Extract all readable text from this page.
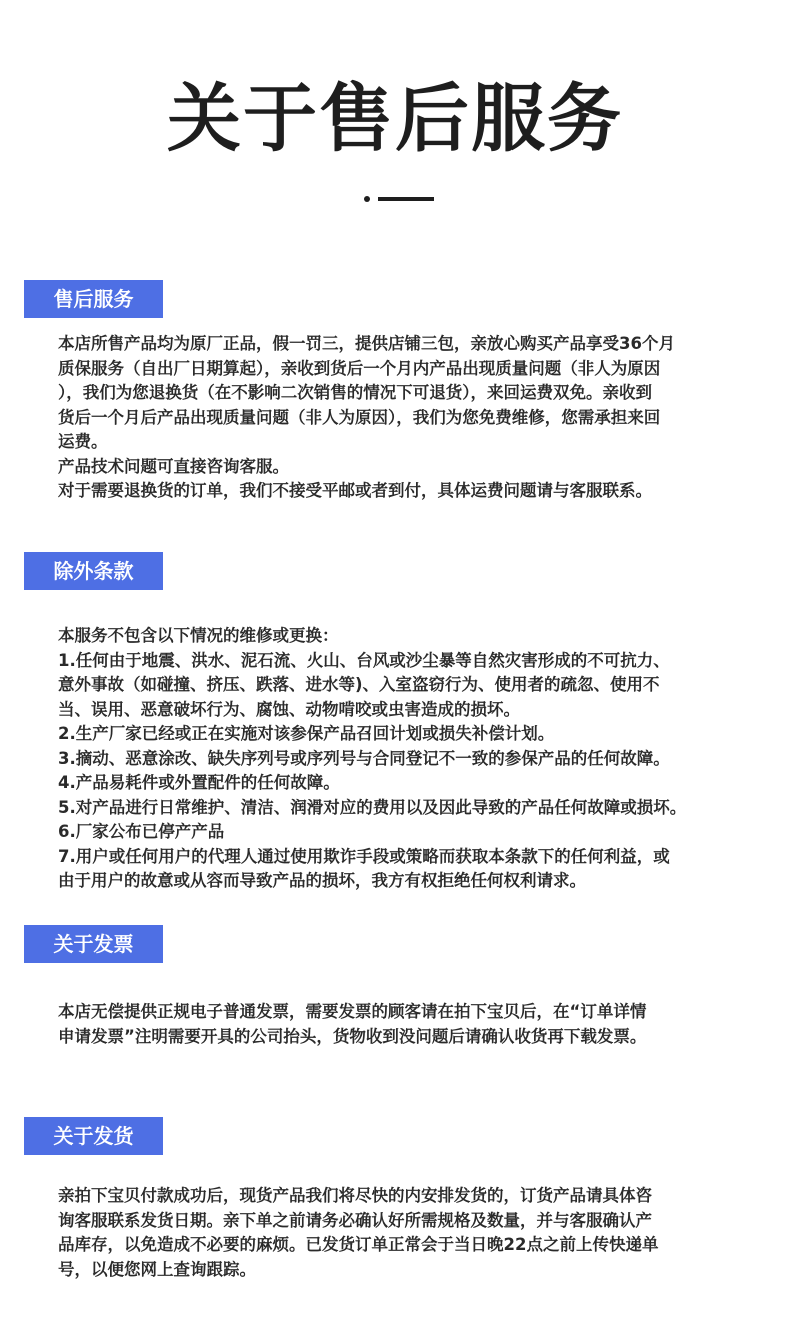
关于售后服务
售后服务

本店所售产品均为原厂正品，假一罚三，提供店铺三包，亲放心购买产品享受36个月
质保服务（自出厂日期算起），亲收到货后一个月内产品出现质量问题（非人为原因
），我们为您退换货（在不影响二次销售的情况下可退货），来回运费双免。亲收到
货后一个月后产品出现质量问题（非人为原因），我们为您免费维修，您需承担来回
运费。

产品技术问题可直接咨询客服。

对于需要退换货的订单，我们不接受平邮或者到付，具体运费问题请与客服联系。

除外条款

本服务不包含以下情况的维修或更换：

1.任何由于地震、洪水、泥石流、火山、台风或沙尘暴等自然灾害形成的不可抗力、
意外事故（如碰撞、挤压、跌落、进水等)、入室盗窃行为、使用者的疏忽、使用不
当、误用、恶意破坏行为、腐蚀、动物啃咬或虫害造成的损坏。

2.生产厂家已经或正在实施对该参保产品召回计划或损失补偿计划。

3.摘动、恶意涂改、缺失序列号或序列号与合同登记不一致的参保产品的任何故障。

4.产品易耗件或外置配件的任何故障。

5.对产品进行日常维护、清洁、润滑对应的费用以及因此导致的产品任何故障或损坏。

6.厂家公布已停产产品

7.用户或任何用户的代理人通过使用欺诈手段或策略而获取本条款下的任何利益，或
由于用户的故意或从容而导致产品的损坏，我方有权拒绝任何权利请求。

关于发票

本店无偿提供正规电子普通发票，需要发票的顾客请在拍下宝贝后，在“订单详情
申请发票”注明需要开具的公司抬头，货物收到没问题后请确认收货再下载发票。

关于发货

亲拍下宝贝付款成功后，现货产品我们将尽快的内安排发货的，订货产品请具体咨
询客服联系发货日期。亲下单之前请务必确认好所需规格及数量，并与客服确认产
品库存，以免造成不必要的麻烦。已发货订单正常会于当日晚22点之前上传快递单
号，以便您网上查询跟踪。
